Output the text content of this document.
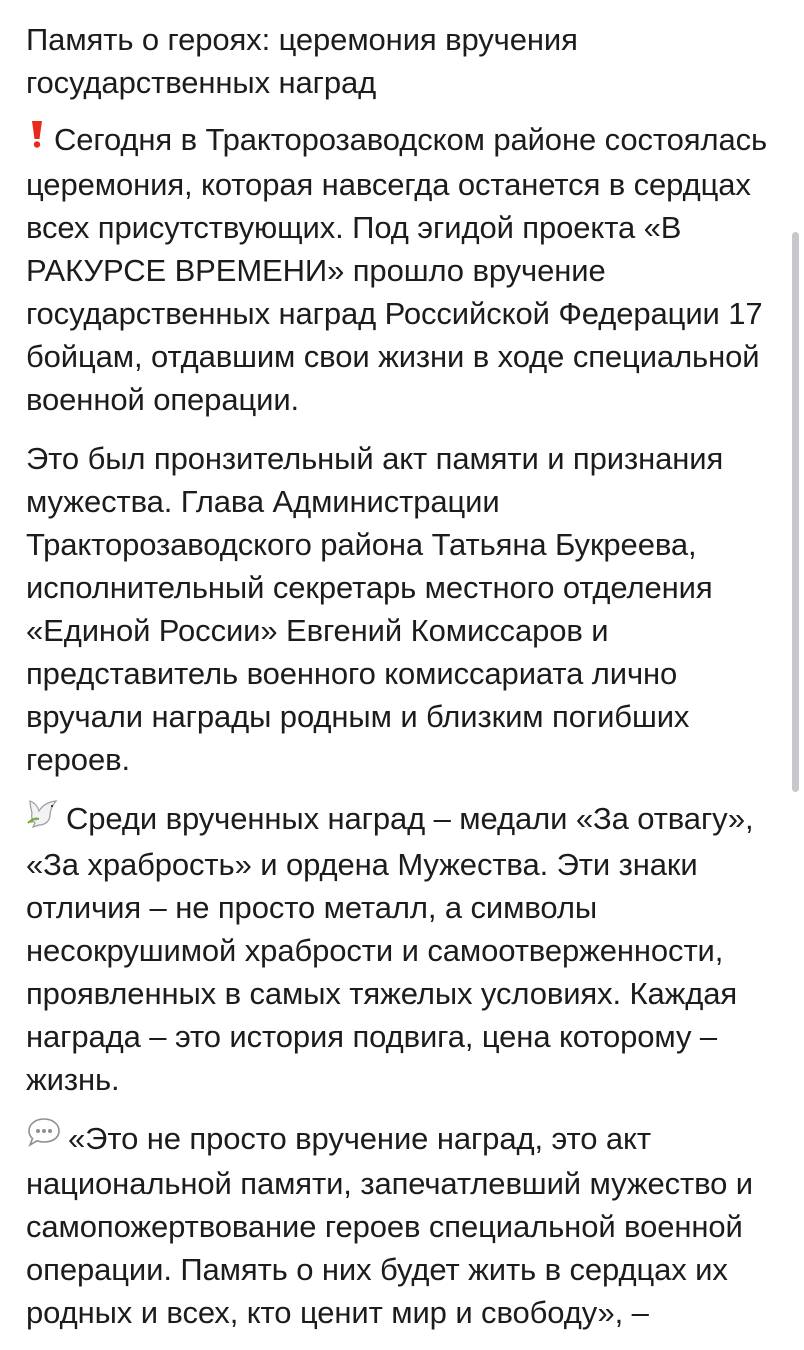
Память о героях: церемония вручения государственных наград

Сегодня в Тракторозаводском районе состоялась церемония, которая навсегда останется в сердцах всех присутствующих. Под эгидой проекта «В РАКУРСЕ ВРЕМЕНИ» прошло вручение государственных наград Российской Федерации 17 бойцам, отдавшим свои жизни в ходе специальной военной операции.

Это был пронзительный акт памяти и признания мужества. Глава Администрации Тракторозаводского района Татьяна Букреева, исполнительный секретарь местного отделения «Единой России» Евгений Комиссаров и представитель военного комиссариата лично вручали награды родным и близким погибших героев.

Среди врученных наград – медали «За отвагу», «За храбрость» и ордена Мужества. Эти знаки отличия – не просто металл, а символы несокрушимой храбрости и самоотверженности, проявленных в самых тяжелых условиях. Каждая награда – это история подвига, цена которому – жизнь.

«Это не просто вручение наград, это акт национальной памяти, запечатлевший мужество и самопожертвование героев специальной военной операции. Память о них будет жить в сердцах их родных и всех, кто ценит мир и свободу», –
